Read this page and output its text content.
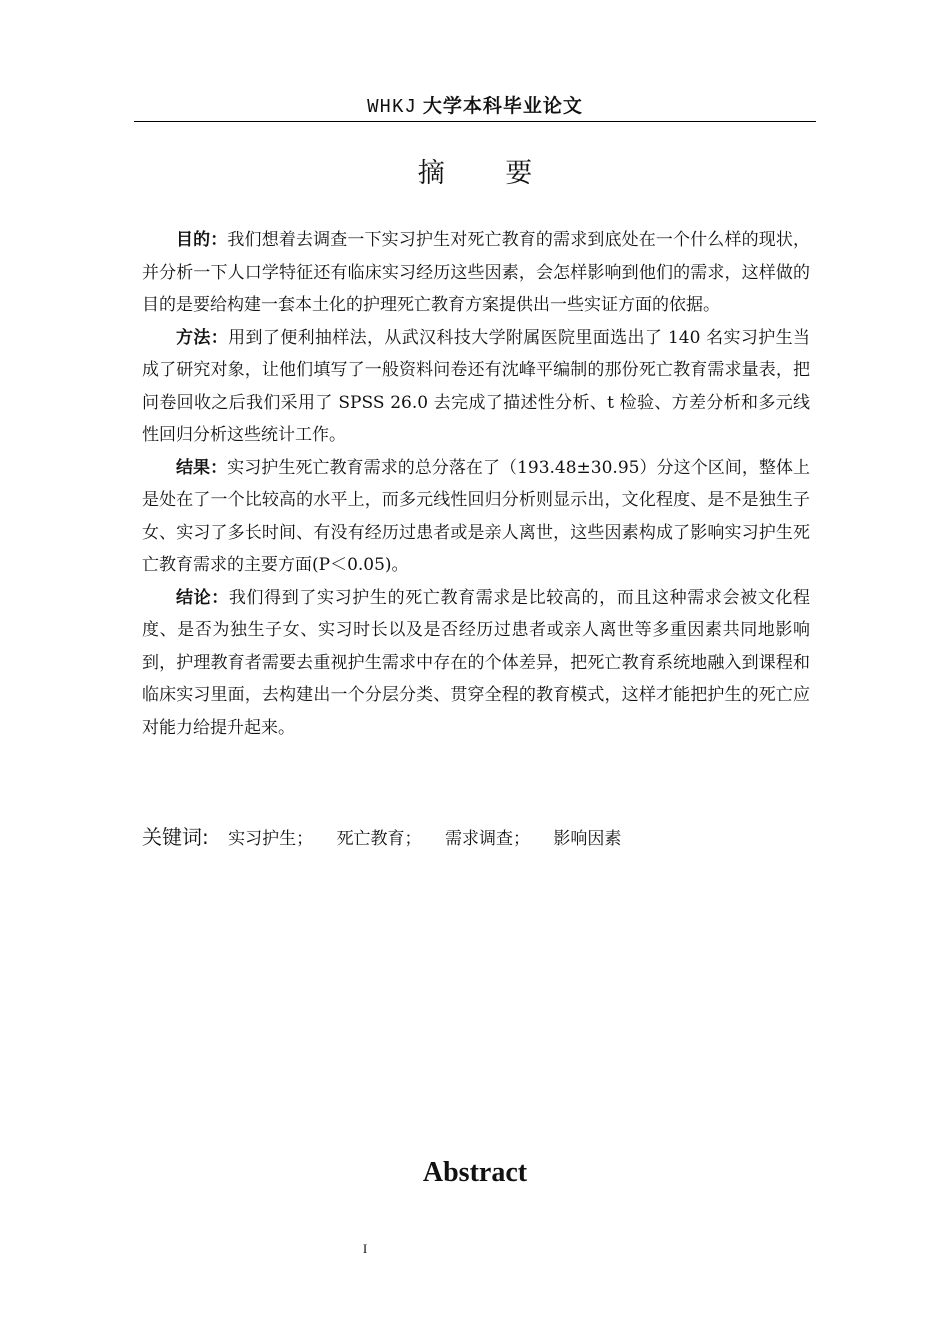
WHKJ 大学本科毕业论文
摘 要

目的：我们想着去调查一下实习护生对死亡教育的需求到底处在一个什么样的现状，并分析一下人口学特征还有临床实习经历这些因素，会怎样影响到他们的需求，这样做的目的是要给构建一套本土化的护理死亡教育方案提供出一些实证方面的依据。

方法：用到了便利抽样法，从武汉科技大学附属医院里面选出了 140 名实习护生当成了研究对象，让他们填写了一般资料问卷还有沈峰平编制的那份死亡教育需求量表，把问卷回收之后我们采用了 SPSS 26.0 去完成了描述性分析、t 检验、方差分析和多元线性回归分析这些统计工作。

结果：实习护生死亡教育需求的总分落在了（193.48±30.95）分这个区间，整体上是处在了一个比较高的水平上，而多元线性回归分析则显示出，文化程度、是不是独生子女、实习了多长时间、有没有经历过患者或是亲人离世，这些因素构成了影响实习护生死亡教育需求的主要方面(P＜0.05)。

结论：我们得到了实习护生的死亡教育需求是比较高的，而且这种需求会被文化程度、是否为独生子女、实习时长以及是否经历过患者或亲人离世等多重因素共同地影响到，护理教育者需要去重视护生需求中存在的个体差异，把死亡教育系统地融入到课程和临床实习里面，去构建出一个分层分类、贯穿全程的教育模式，这样才能把护生的死亡应对能力给提升起来。

关键词: 实习护生； 死亡教育； 需求调查； 影响因素
Abstract
I
